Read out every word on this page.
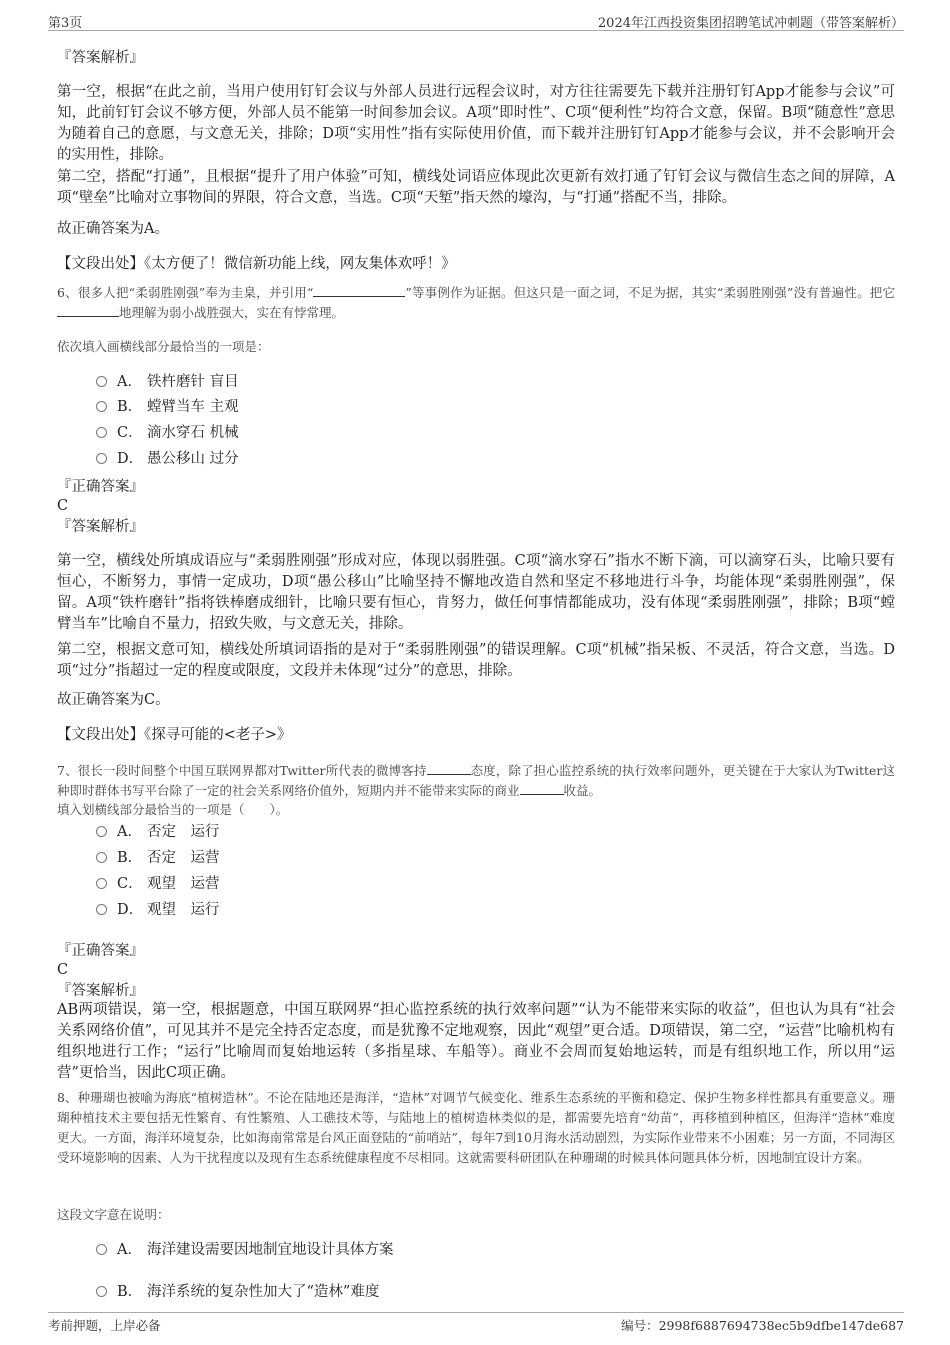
第3页	2024年江西投资集团招聘笔试冲刺题（带答案解析）
『答案解析』
第一空，根据“在此之前，当用户使用钉钉会议与外部人员进行远程会议时，对方往往需要先下载并注册钉钉App才能参与会议”可知，此前钉钉会议不够方便，外部人员不能第一时间参加会议。A项“即时性”、C项“便利性”均符合文意，保留。B项“随意性”意思为随着自己的意愿，与文意无关，排除；D项“实用性”指有实际使用价值，而下载并注册钉钉App才能参与会议，并不会影响开会的实用性，排除。
第二空，搭配“打通”，且根据“提升了用户体验”可知，横线处词语应体现此次更新有效打通了钉钉会议与微信生态之间的屏障，A项“壁垒”比喻对立事物间的界限，符合文意，当选。C项“天堑”指天然的壕沟，与“打通”搭配不当，排除。
故正确答案为A。
【文段出处】《太方便了！微信新功能上线，网友集体欢呼！》
6、很多人把“柔弱胜刚强”奉为圭臬，并引用“	”等事例作为证据。但这只是一面之词，不足为据，其实“柔弱胜刚强”没有普遍性。把它地理解为弱小战胜强大，实在有悖常理。
依次填入画横线部分最恰当的一项是：
A． 铁杵磨针 盲目
B． 螳臂当车 主观
C． 滴水穿石 机械
D． 愚公移山 过分
『正确答案』
C
『答案解析』
第一空，横线处所填成语应与“柔弱胜刚强”形成对应，体现以弱胜强。C项“滴水穿石”指水不断下滴，可以滴穿石头，比喻只要有恒心，不断努力，事情一定成功，D项“愚公移山”比喻坚持不懈地改造自然和坚定不移地进行斗争，均能体现“柔弱胜刚强”，保留。A项“铁杵磨针”指将铁棒磨成细针，比喻只要有恒心，肯努力，做任何事情都能成功，没有体现“柔弱胜刚强”，排除；B项“螳臂当车”比喻自不量力，招致失败，与文意无关，排除。
第二空，根据文意可知，横线处所填词语指的是对于“柔弱胜刚强”的错误理解。C项“机械”指呆板、不灵活，符合文意，当选。D项“过分”指超过一定的程度或限度，文段并未体现“过分”的意思，排除。
故正确答案为C。
【文段出处】《探寻可能的<老子>》
7、很长一段时间整个中国互联网界都对Twitter所代表的微博客持	态度，除了担心监控系统的执行效率问题外，更关键在于大家认为Twitter这种即时群体书写平台除了一定的社会关系网络价值外，短期内并不能带来实际的商业	收益。
填入划横线部分最恰当的一项是（　　）。
A． 否定　运行
B． 否定　运营
C． 观望　运营
D． 观望　运行
『正确答案』
C
『答案解析』
AB两项错误，第一空，根据题意，中国互联网界“担心监控系统的执行效率问题”“认为不能带来实际的收益”，但也认为具有“社会关系网络价值”，可见其并不是完全持否定态度，而是犹豫不定地观察，因此“观望”更合适。D项错误，第二空，“运营”比喻机构有组织地进行工作；“运行”比喻周而复始地运转（多指星球、车船等）。商业不会周而复始地运转，而是有组织地工作，所以用“运营”更恰当，因此C项正确。
8、种珊瑚也被喻为海底“植树造林”。不论在陆地还是海洋，“造林”对调节气候变化、维系生态系统的平衡和稳定、保护生物多样性都具有重要意义。珊瑚种植技术主要包括无性繁育、有性繁殖、人工礁技术等，与陆地上的植树造林类似的是，都需要先培育“幼苗”，再移植到种植区，但海洋“造林”难度更大。一方面，海洋环境复杂，比如海南常常是台风正面登陆的“前哨站”，每年7到10月海水活动剧烈，为实际作业带来不小困难；另一方面，不同海区受环境影响的因素、人为干扰程度以及现有生态系统健康程度不尽相同。这就需要科研团队在种珊瑚的时候具体问题具体分析，因地制宜设计方案。
这段文字意在说明：
A． 海洋建设需要因地制宜地设计具体方案
B． 海洋系统的复杂性加大了“造林”难度
考前押题，上岸必备	编号：2998f6887694738ec5b9dfbe147de687
